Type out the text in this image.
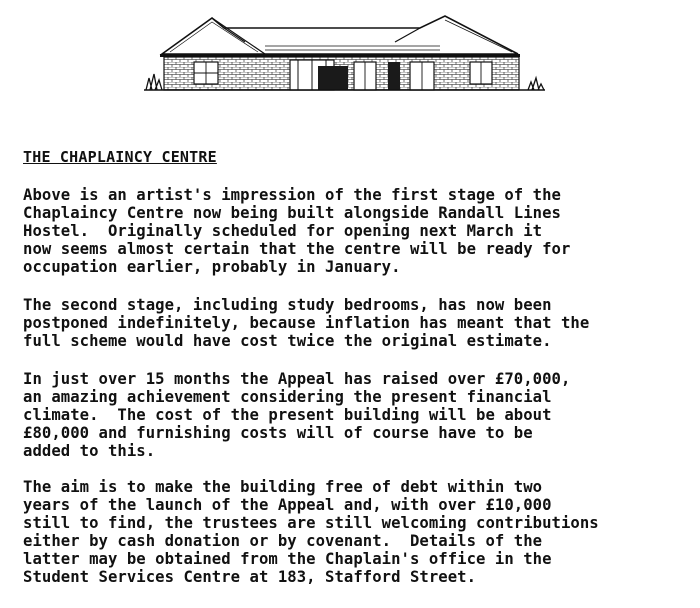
THE CHAPLAINCY CENTRE

Above is an artist's impression of the first stage of the
Chaplaincy Centre now being built alongside Randall Lines
Hostel.  Originally scheduled for opening next March it
now seems almost certain that the centre will be ready for
occupation earlier, probably in January.

The second stage, including study bedrooms, has now been
postponed indefinitely, because inflation has meant that the
full scheme would have cost twice the original estimate.

In just over 15 months the Appeal has raised over £70,000,
an amazing achievement considering the present financial
climate.  The cost of the present building will be about
£80,000 and furnishing costs will of course have to be
added to this.

The aim is to make the building free of debt within two
years of the launch of the Appeal and, with over £10,000
still to find, the trustees are still welcoming contributions
either by cash donation or by covenant.  Details of the
latter may be obtained from the Chaplain's office in the
Student Services Centre at 183, Stafford Street.
